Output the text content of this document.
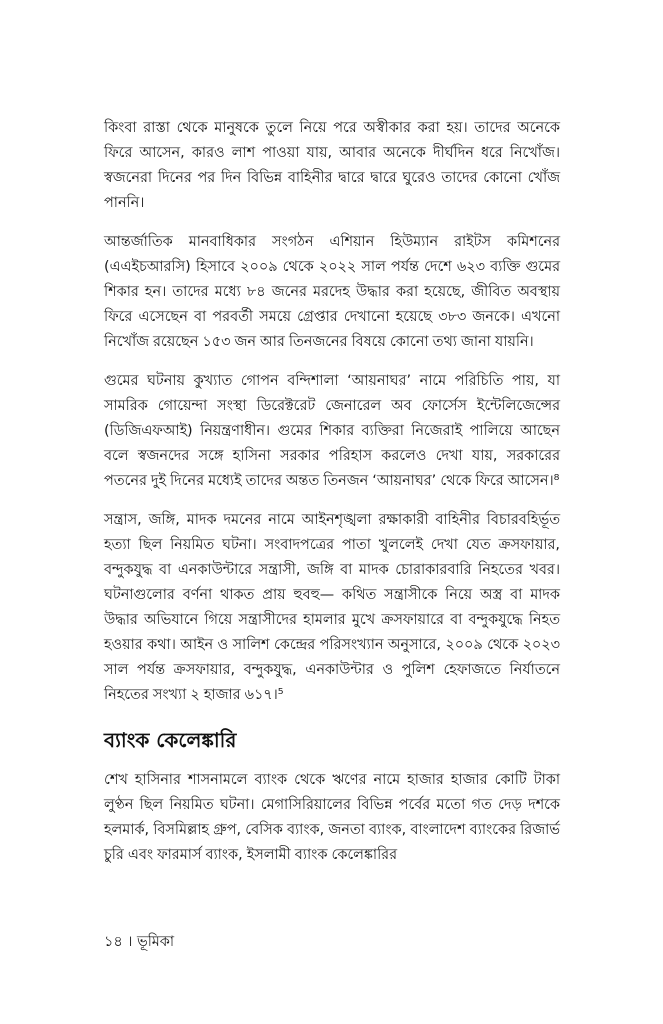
কিংবা রাস্তা থেকে মানুষকে তুলে নিয়ে পরে অস্বীকার করা হয়। তাদের অনেকে ফিরে আসেন, কারও লাশ পাওয়া যায়, আবার অনেকে দীর্ঘদিন ধরে নিখোঁজ। স্বজনেরা দিনের পর দিন বিভিন্ন বাহিনীর দ্বারে দ্বারে ঘুরেও তাদের কোনো খোঁজ পাননি।

আন্তর্জাতিক মানবাধিকার সংগঠন এশিয়ান হিউম্যান রাইটস কমিশনের (এএইচআরসি) হিসাবে ২০০৯ থেকে ২০২২ সাল পর্যন্ত দেশে ৬২৩ ব্যক্তি গুমের শিকার হন। তাদের মধ্যে ৮৪ জনের মরদেহ উদ্ধার করা হয়েছে, জীবিত অবস্থায় ফিরে এসেছেন বা পরবর্তী সময়ে গ্রেপ্তার দেখানো হয়েছে ৩৮৩ জনকে। এখনো নিখোঁজ রয়েছেন ১৫৩ জন আর তিনজনের বিষয়ে কোনো তথ্য জানা যায়নি।

গুমের ঘটনায় কুখ্যাত গোপন বন্দিশালা ‘আয়নাঘর’ নামে পরিচিতি পায়, যা সামরিক গোয়েন্দা সংস্থা ডিরেক্টরেট জেনারেল অব ফোর্সেস ইন্টেলিজেন্সের (ডিজিএফআই) নিয়ন্ত্রণাধীন। গুমের শিকার ব্যক্তিরা নিজেরাই পালিয়ে আছেন বলে স্বজনদের সঙ্গে হাসিনা সরকার পরিহাস করলেও দেখা যায়, সরকারের পতনের দুই দিনের মধ্যেই তাদের অন্তত তিনজন ‘আয়নাঘর’ থেকে ফিরে আসেন।⁸

সন্ত্রাস, জঙ্গি, মাদক দমনের নামে আইনশৃঙ্খলা রক্ষাকারী বাহিনীর বিচারবহির্ভূত হত্যা ছিল নিয়মিত ঘটনা। সংবাদপত্রের পাতা খুললেই দেখা যেত ক্রসফায়ার, বন্দুকযুদ্ধ বা এনকাউন্টারে সন্ত্রাসী, জঙ্গি বা মাদক চোরাকারবারি নিহতের খবর। ঘটনাগুলোর বর্ণনা থাকত প্রায় হুবহু— কথিত সন্ত্রাসীকে নিয়ে অস্ত্র বা মাদক উদ্ধার অভিযানে গিয়ে সন্ত্রাসীদের হামলার মুখে ক্রসফায়ারে বা বন্দুকযুদ্ধে নিহত হওয়ার কথা। আইন ও সালিশ কেন্দ্রের পরিসংখ্যান অনুসারে, ২০০৯ থেকে ২০২৩ সাল পর্যন্ত ক্রসফায়ার, বন্দুকযুদ্ধ, এনকাউন্টার ও পুলিশ হেফাজতে নির্যাতনে নিহতের সংখ্যা ২ হাজার ৬১৭।⁵

ব্যাংক কেলেঙ্কারি

শেখ হাসিনার শাসনামলে ব্যাংক থেকে ঋণের নামে হাজার হাজার কোটি টাকা লুণ্ঠন ছিল নিয়মিত ঘটনা। মেগাসিরিয়ালের বিভিন্ন পর্বের মতো গত দেড় দশকে হলমার্ক, বিসমিল্লাহ গ্রুপ, বেসিক ব্যাংক, জনতা ব্যাংক, বাংলাদেশ ব্যাংকের রিজার্ভ চুরি এবং ফারমার্স ব্যাংক, ইসলামী ব্যাংক কেলেঙ্কারির

১৪ । ভূমিকা
